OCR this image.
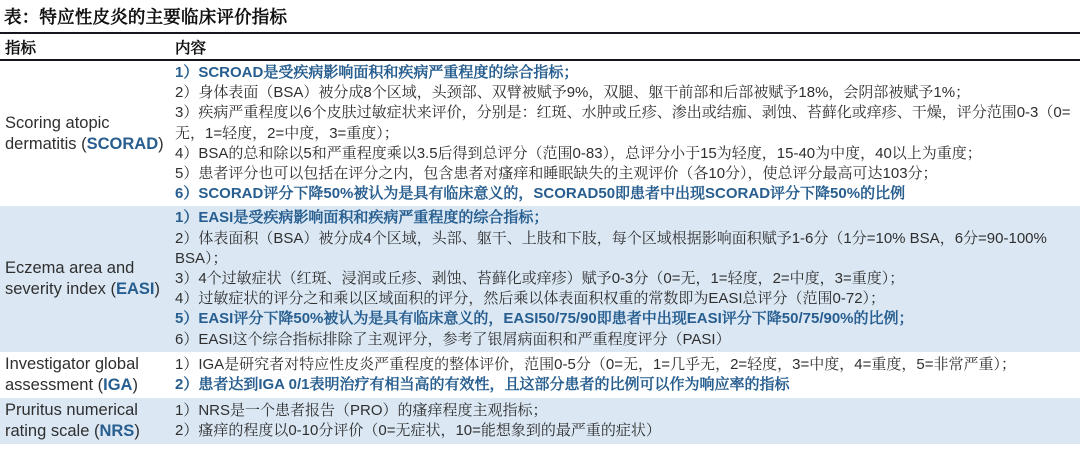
表：特应性皮炎的主要临床评价指标
指标	内容
Scoring atopic dermatitis (SCORAD)
1）SCROAD是受疾病影响面积和疾病严重程度的综合指标；
2）身体表面（BSA）被分成8个区域，头颈部、双臂被赋予9%，双腿、躯干前部和后部被赋予18%，会阴部被赋予1%；
3）疾病严重程度以6个皮肤过敏症状来评价，分别是：红斑、水肿或丘疹、渗出或结痂、剥蚀、苔藓化或痒疹、干燥，评分范围0-3（0=无，1=轻度，2=中度，3=重度）；
4）BSA的总和除以5和严重程度乘以3.5后得到总评分（范围0-83），总评分小于15为轻度，15-40为中度，40以上为重度；
5）患者评分也可以包括在评分之内，包含患者对瘙痒和睡眠缺失的主观评价（各10分），使总评分最高可达103分；
6）SCORAD评分下降50%被认为是具有临床意义的，SCORAD50即患者中出现SCORAD评分下降50%的比例
Eczema area and severity index (EASI)
1）EASI是受疾病影响面积和疾病严重程度的综合指标；
2）体表面积（BSA）被分成4个区域，头部、躯干、上肢和下肢，每个区域根据影响面积赋予1-6分（1分=10% BSA，6分=90-100% BSA）；
3）4个过敏症状（红斑、浸润或丘疹、剥蚀、苔藓化或痒疹）赋予0-3分（0=无，1=轻度，2=中度，3=重度）；
4）过敏症状的评分之和乘以区域面积的评分，然后乘以体表面积权重的常数即为EASI总评分（范围0-72）；
5）EASI评分下降50%被认为是具有临床意义的，EASI50/75/90即患者中出现EASI评分下降50/75/90%的比例；
6）EASI这个综合指标排除了主观评分，参考了银屑病面积和严重程度评分（PASI）
Investigator global assessment (IGA)
1）IGA是研究者对特应性皮炎严重程度的整体评价，范围0-5分（0=无，1=几乎无，2=轻度，3=中度，4=重度，5=非常严重）；
2）患者达到IGA 0/1表明治疗有相当高的有效性，且这部分患者的比例可以作为响应率的指标
Pruritus numerical rating scale (NRS)
1）NRS是一个患者报告（PRO）的瘙痒程度主观指标；
2）瘙痒的程度以0-10分评价（0=无症状，10=能想象到的最严重的症状）
